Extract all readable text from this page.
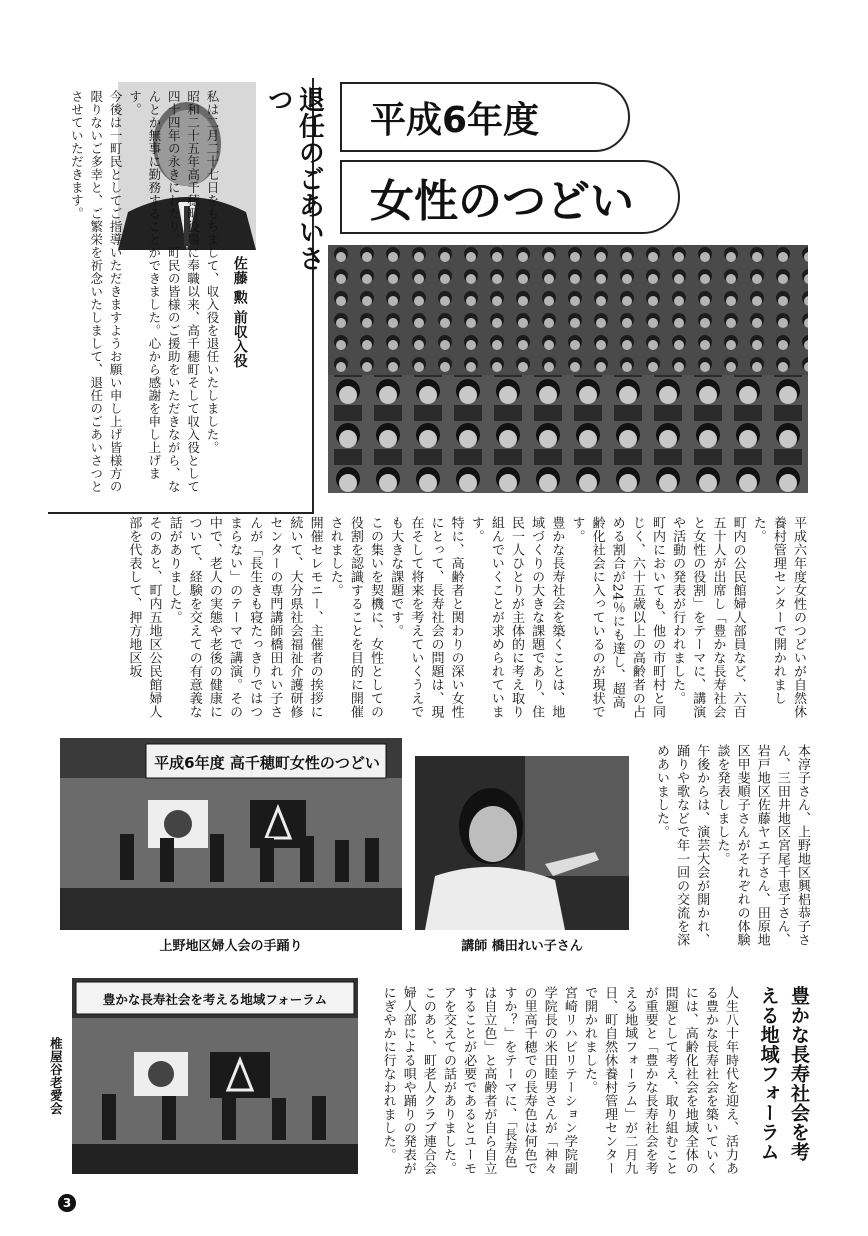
退任のごあいさつ
佐藤 勲 前収入役
私は二月二十七日をもちまして、収入役を退任いたしました。
昭和二十五年高千穂町役場に奉職以来、高千穂町そして収入役として四十四年の永きにわたり、町民の皆様のご援助をいただきながら、なんとか無事に勤務することができました。心から感謝を申し上げます。
今後は一町民としてご指導いただきますようお願い申し上げ皆様方の限りないご多幸と、ご繁栄を祈念いたしまして、退任のごあいさつとさせていただきます。	平成6年度
女性のつどい
平成六年度女性のつどいが自然休養村管理センターで開かれました。
町内の公民館婦人部員など、六百五十人が出席し「豊かな長寿社会と女性の役割」をテーマに、講演や活動の発表が行われました。
町内においても、他の市町村と同じく、六十五歳以上の高齢者の占める割合が24％にも達し、超高齢化社会に入っているのが現状です。
豊かな長寿社会を築くことは、地域づくりの大きな課題であり、住民一人ひとりが主体的に考え取り組んでいくことが求められています。
特に、高齢者と関わりの深い女性にとって、長寿社会の問題は、現在そして将来を考えていくうえでも大きな課題です。
この集いを契機に、女性としての役割を認識することを目的に開催されました。
開催セレモニー、主催者の挨拶に続いて、大分県社会福祉介護研修センターの専門講師橋田れい子さんが「長生きも寝たっきりではつまらない」のテーマで講演。その中で、老人の実態や老後の健康について、経験を交えての有意義な話がありました。
そのあと、町内五地区公民館婦人部を代表して、押方地区坂
平成6年度 高千穂町女性のつどい
上野地区婦人会の手踊り	講師 橋田れい子さん	本淳子さん、上野地区興梠恭子さん、三田井地区宮尾千恵子さん、岩戸地区佐藤ヤエ子さん、田原地区甲斐順子さんがそれぞれの体験談を発表しました。
午後からは、演芸大会が開かれ、踊りや歌などで年一回の交流を深めあいました。
豊かな長寿社会を考える地域フォーラム
椎屋谷老愛会	豊かな長寿社会を考える地域フォーラム
人生八十年時代を迎え、活力ある豊かな長寿社会を築いていくには、高齢化社会を地域全体の問題として考え、取り組むことが重要と「豊かな長寿社会を考える地域フォーラム」が二月九日、町自然休養村管理センターで開かれました。
宮崎リハビリテーション学院副学院長の米田睦男さんが「神々の里高千穂での長寿色は何色ですか？」をテーマに、「長寿色は自立色」と高齢者が自ら自立することが必要であるとユーモアを交えての話がありました。
このあと、町老人クラブ連合会婦人部による唄や踊りの発表がにぎやかに行なわれました。
3
